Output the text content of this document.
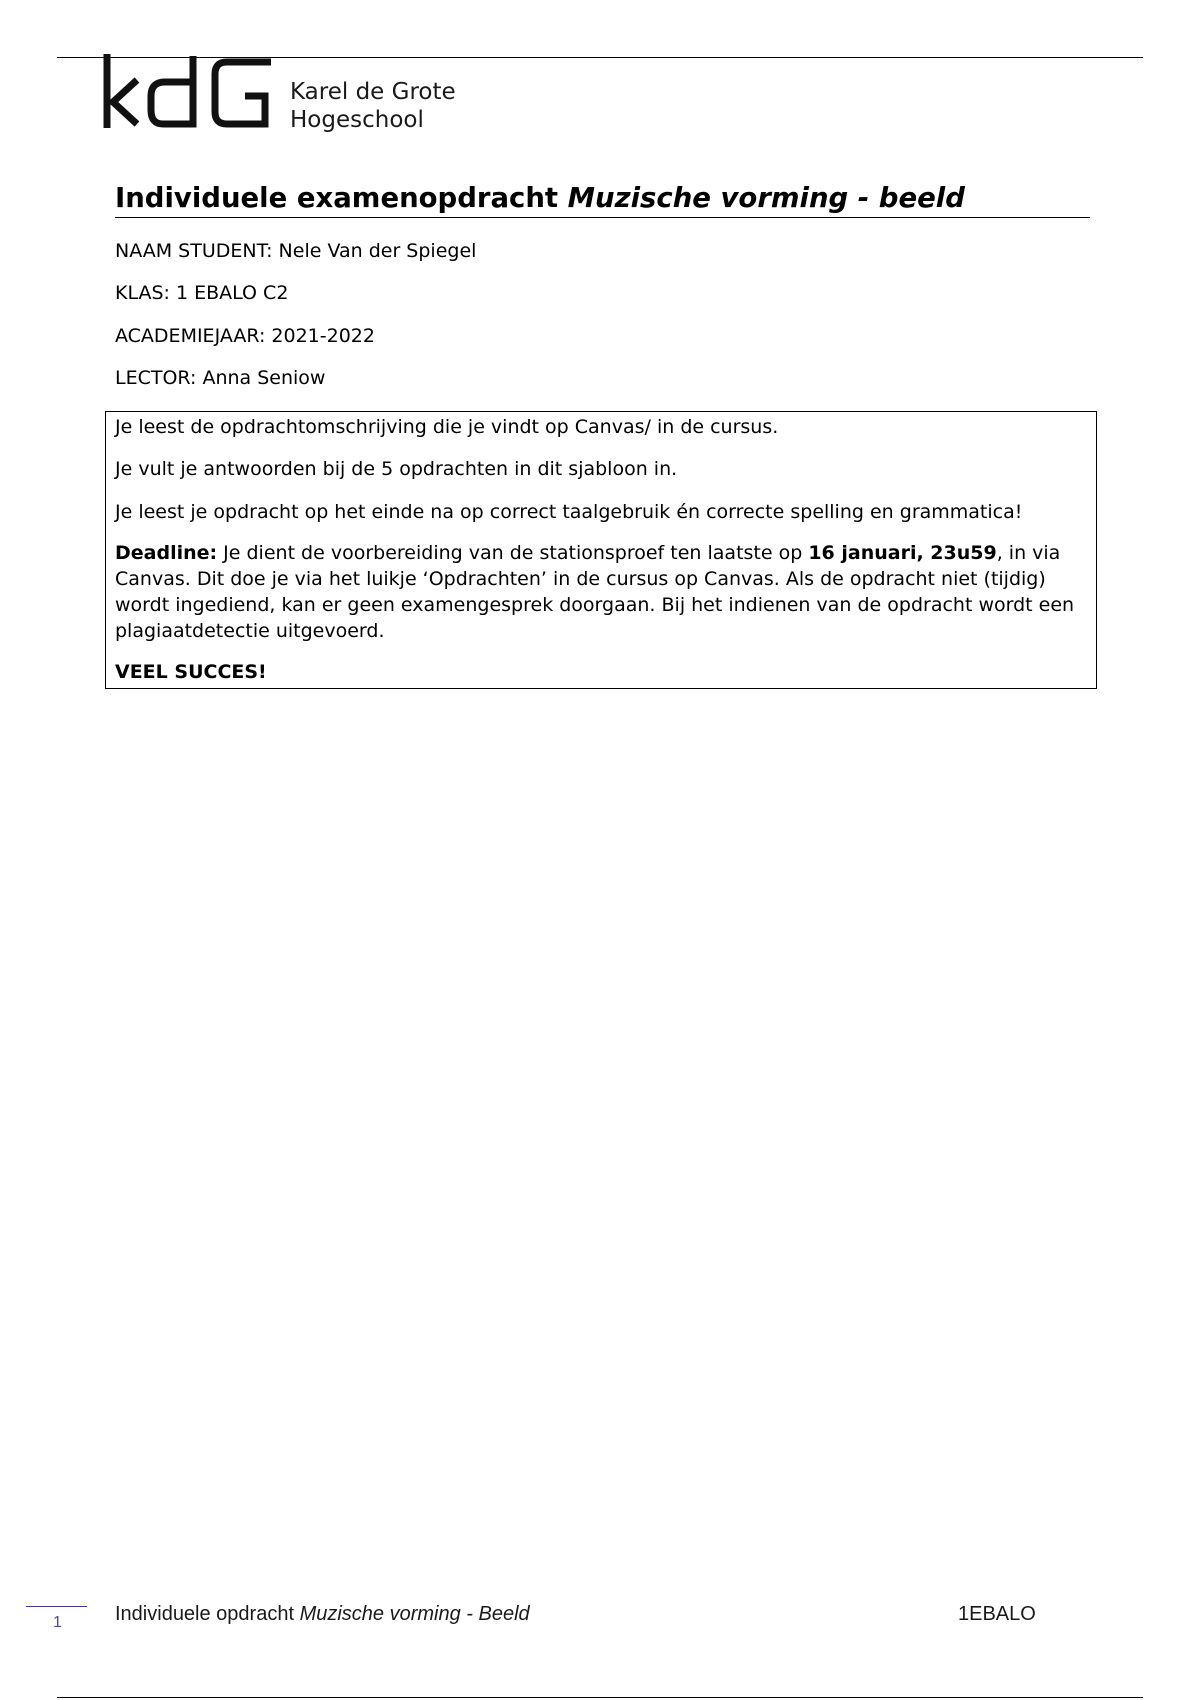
Karel de Grote
Hogeschool
Individuele examenopdracht Muzische vorming - beeld
NAAM STUDENT: Nele Van der Spiegel
KLAS: 1 EBALO C2
ACADEMIEJAAR: 2021-2022
LECTOR: Anna Seniow

Je leest de opdrachtomschrijving die je vindt op Canvas/ in de cursus.

Je vult je antwoorden bij de 5 opdrachten in dit sjabloon in.

Je leest je opdracht op het einde na op correct taalgebruik én correcte spelling en grammatica!

Deadline: Je dient de voorbereiding van de stationsproef ten laatste op 16 januari, 23u59, in via Canvas. Dit doe je via het luikje ‘Opdrachten’ in de cursus op Canvas. Als de opdracht niet (tijdig) wordt ingediend, kan er geen examengesprek doorgaan. Bij het indienen van de opdracht wordt een plagiaatdetectie uitgevoerd.

VEEL SUCCES!

1	Individuele opdracht Muzische vorming - Beeld	1EBALO
